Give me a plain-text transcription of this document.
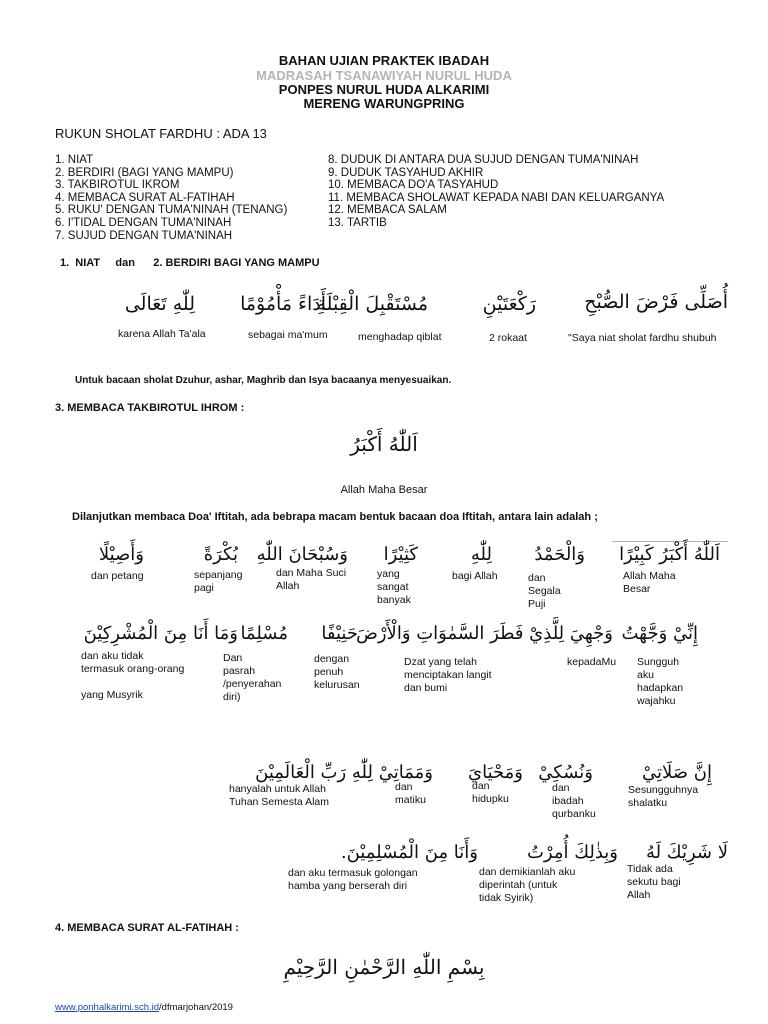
BAHAN UJIAN PRAKTEK IBADAH
MADRASAH TSANAWIYAH NURUL HUDA
PONPES NURUL HUDA ALKARIMI
MERENG WARUNGPRING
RUKUN SHOLAT FARDHU : ADA 13
1. NIAT
2. BERDIRI (BAGI YANG MAMPU)
3. TAKBIROTUL IKROM
4. MEMBACA SURAT AL-FATIHAH
5. RUKU' DENGAN TUMA'NINAH (TENANG)
6. I'TIDAL DENGAN TUMA'NINAH
7. SUJUD DENGAN TUMA'NINAH
8. DUDUK DI ANTARA DUA SUJUD DENGAN TUMA'NINAH
9. DUDUK TASYAHUD AKHIR
10. MEMBACA DO'A TASYAHUD
11. MEMBACA SHOLAWAT KEPADA NABI DAN KELUARGANYA
12. MEMBACA SALAM
13. TARTIB
1.  NIAT     dan      2. BERDIRI BAGI YANG MAMPU
أُصَلِّى فَرْضَ الصُّبْحِ
رَكْعَتَيْنِ
مُسْتَقْبِلَ الْقِبْلَةِ
أَدَاءً مَأْمُوْمًا
لِلّٰهِ تَعَالَى
"Saya niat sholat fardhu shubuh
2 rokaat
menghadap qiblat
sebagai ma'mum
karena Allah Ta'ala
Untuk bacaan sholat Dzuhur, ashar, Maghrib dan Isya bacaanya menyesuaikan.
3. MEMBACA TAKBIROTUL IHROM :
اَللّٰهُ أَكْبَرُ
Allah Maha Besar
Dilanjutkan membaca Doa' Iftitah, ada bebrapa macam bentuk bacaan doa Iftitah, antara lain adalah ;
اَللّٰهُ أَكْبَرُ كَبِيْرًا
وَالْحَمْدُ
لِلّٰهِ
كَثِيْرًا
وَسُبْحَانَ اللّٰهِ
بُكْرَةً
وَأَصِيْلًا
Allah Maha
Besar
dan
Segala
Puji
bagi Allah
yang
sangat
banyak
dan Maha Suci
Allah
sepanjang
pagi
dan petang
إِنِّيْ وَجَّهْتُ
وَجْهِيَ لِلَّذِيْ فَطَرَ السَّمٰوَاتِ وَالْأَرْضَ
حَنِيْفًا
مُسْلِمًا
وَمَا أَنَا مِنَ الْمُشْرِكِيْنَ
Sungguh
aku
hadapkan
wajahku
kepadaMu
Dzat yang telah
menciptakan langit
dan bumi
dengan
penuh
kelurusan
Dan
pasrah
/penyerahan
diri)
dan aku tidak
termasuk orang-orang

yang Musyrik
إِنَّ صَلَاتِيْ
وَنُسُكِيْ
وَمَحْيَايَ
وَمَمَاتِيْ
لِلّٰهِ رَبِّ الْعَالَمِيْنَ
Sesungguhnya
shalatku
dan
ibadah
qurbanku
dan
hidupku
dan
matiku
hanyalah untuk Allah
Tuhan Semesta Alam
لَا شَرِيْكَ لَهُ
وَبِذٰلِكَ أُمِرْتُ
وَأَنَا مِنَ الْمُسْلِمِيْنَ.
Tidak ada
sekutu bagi
Allah
dan demikianlah aku
diperintah (untuk
tidak Syirik)
dan aku termasuk golongan
hamba yang berserah diri
4. MEMBACA SURAT AL-FATIHAH :
بِسْمِ اللّٰهِ الرَّحْمٰنِ الرَّحِيْمِ
www.ponhalkarimi.sch.id/dfmarjohan/2019
